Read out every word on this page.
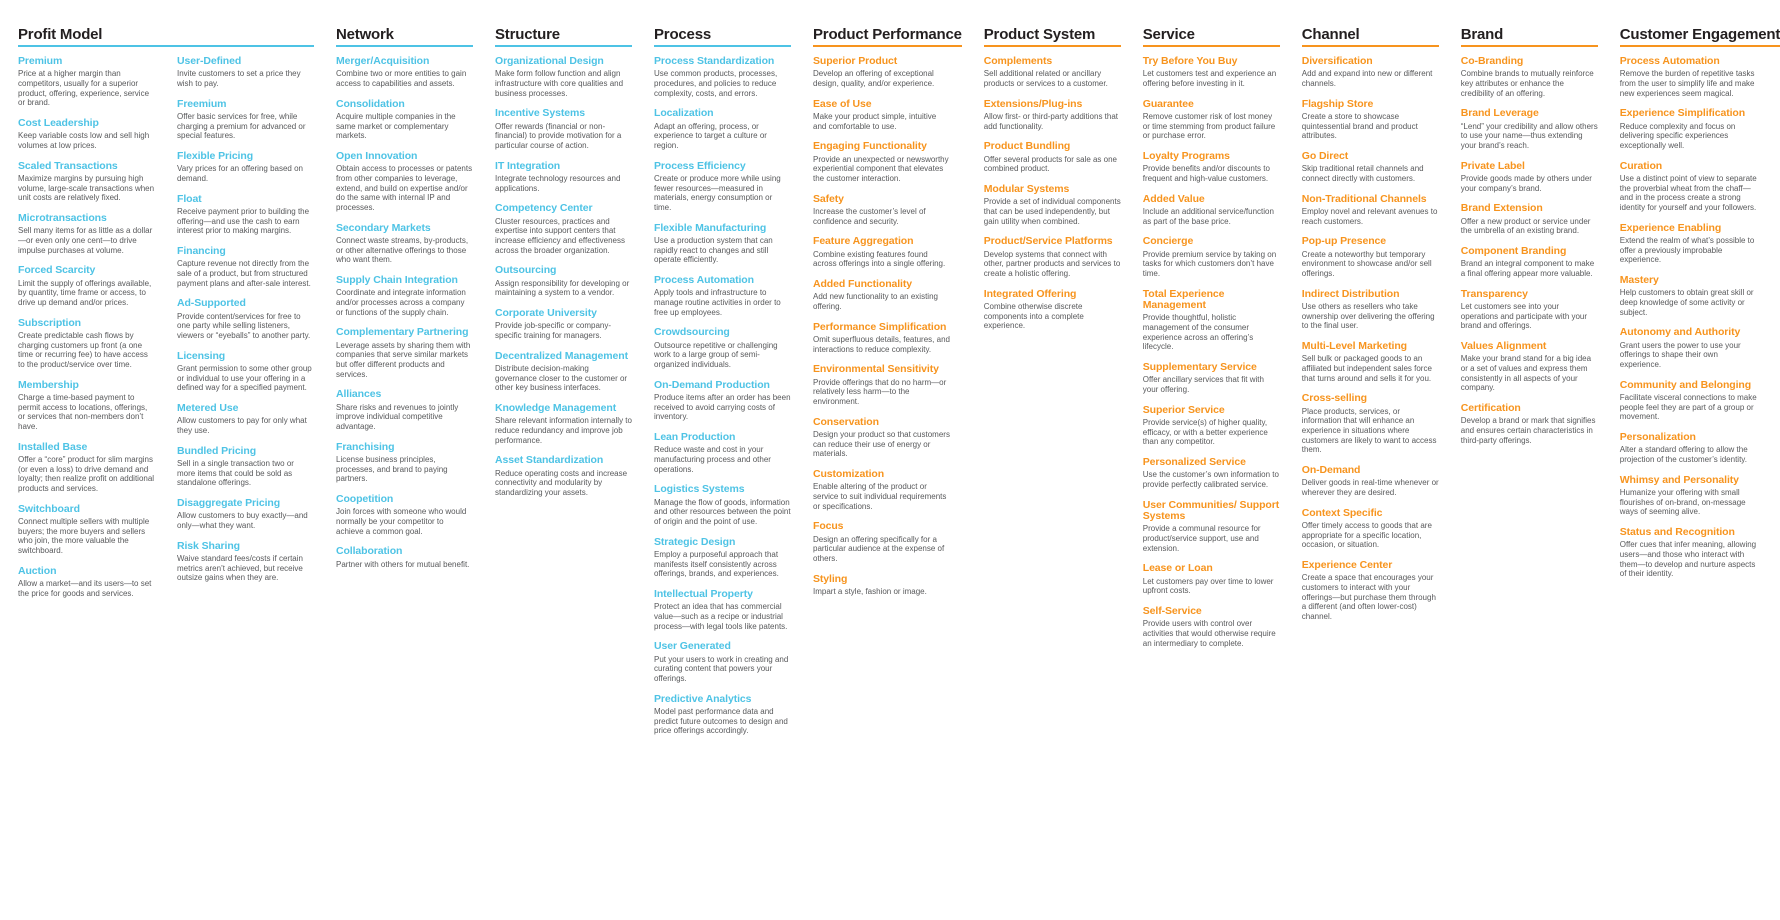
Profit Model
Premium
Price at a higher margin than competitors, usually for a superior product, offering, experience, service or brand.
Cost Leadership
Keep variable costs low and sell high volumes at low prices.
Scaled Transactions
Maximize margins by pursuing high volume, large-scale transactions when unit costs are relatively fixed.
Microtransactions
Sell many items for as little as a dollar—or even only one cent—to drive impulse purchases at volume.
Forced Scarcity
Limit the supply of offerings available, by quantity, time frame or access, to drive up demand and/or prices.
Subscription
Create predictable cash flows by charging customers up front (a one time or recurring fee) to have access to the product/service over time.
Membership
Charge a time-based payment to permit access to locations, offerings, or services that non-members don’t have.
Installed Base
Offer a “core” product for slim margins (or even a loss) to drive demand and loyalty; then realize profit on additional products and services.
Switchboard
Connect multiple sellers with multiple buyers; the more buyers and sellers who join, the more valuable the switchboard.
Auction
Allow a market—and its users—to set the price for goods and services.
User-Defined
Invite customers to set a price they wish to pay.
Freemium
Offer basic services for free, while charging a premium for advanced or special features.
Flexible Pricing
Vary prices for an offering based on demand.
Float
Receive payment prior to building the offering—and use the cash to earn interest prior to making margins.
Financing
Capture revenue not directly from the sale of a product, but from structured payment plans and after-sale interest.
Ad-Supported
Provide content/services for free to one party while selling listeners, viewers or “eyeballs” to another party.
Licensing
Grant permission to some other group or individual to use your offering in a defined way for a specified payment.
Metered Use
Allow customers to pay for only what they use.
Bundled Pricing
Sell in a single transaction two or more items that could be sold as standalone offerings.
Disaggregate Pricing
Allow customers to buy exactly—and only—what they want.
Risk Sharing
Waive standard fees/costs if certain metrics aren’t achieved, but receive outsize gains when they are.
Network
Merger/Acquisition
Combine two or more entities to gain access to capabilities and assets.
Consolidation
Acquire multiple companies in the same market or complementary markets.
Open Innovation
Obtain access to processes or patents from other companies to leverage, extend, and build on expertise and/or do the same with internal IP and processes.
Secondary Markets
Connect waste streams, by-products, or other alternative offerings to those who want them.
Supply Chain Integration
Coordinate and integrate information and/or processes across a company or functions of the supply chain.
Complementary Partnering
Leverage assets by sharing them with companies that serve similar markets but offer different products and services.
Alliances
Share risks and revenues to jointly improve individual competitive advantage.
Franchising
License business principles, processes, and brand to paying partners.
Coopetition
Join forces with someone who would normally be your competitor to achieve a common goal.
Collaboration
Partner with others for mutual benefit.
Structure
Organizational Design
Make form follow function and align infrastructure with core qualities and business processes.
Incentive Systems
Offer rewards (financial or non-financial) to provide motivation for a particular course of action.
IT Integration
Integrate technology resources and applications.
Competency Center
Cluster resources, practices and expertise into support centers that increase efficiency and effectiveness across the broader organization.
Outsourcing
Assign responsibility for developing or maintaining a system to a vendor.
Corporate University
Provide job-specific or company-specific training for managers.
Decentralized Management
Distribute decision-making governance closer to the customer or other key business interfaces.
Knowledge Management
Share relevant information internally to reduce redundancy and improve job performance.
Asset Standardization
Reduce operating costs and increase connectivity and modularity by standardizing your assets.
Process
Process Standardization
Use common products, processes, procedures, and policies to reduce complexity, costs, and errors.
Localization
Adapt an offering, process, or experience to target a culture or region.
Process Efficiency
Create or produce more while using fewer resources—measured in materials, energy consumption or time.
Flexible Manufacturing
Use a production system that can rapidly react to changes and still operate efficiently.
Process Automation
Apply tools and infrastructure to manage routine activities in order to free up employees.
Crowdsourcing
Outsource repetitive or challenging work to a large group of semi-organized individuals.
On-Demand Production
Produce items after an order has been received to avoid carrying costs of inventory.
Lean Production
Reduce waste and cost in your manufacturing process and other operations.
Logistics Systems
Manage the flow of goods, information and other resources between the point of origin and the point of use.
Strategic Design
Employ a purposeful approach that manifests itself consistently across offerings, brands, and experiences.
Intellectual Property
Protect an idea that has commercial value—such as a recipe or industrial process—with legal tools like patents.
User Generated
Put your users to work in creating and curating content that powers your offerings.
Predictive Analytics
Model past performance data and predict future outcomes to design and price offerings accordingly.
Product Performance
Superior Product
Develop an offering of exceptional design, quality, and/or experience.
Ease of Use
Make your product simple, intuitive and comfortable to use.
Engaging Functionality
Provide an unexpected or newsworthy experiential component that elevates the customer interaction.
Safety
Increase the customer’s level of confidence and security.
Feature Aggregation
Combine existing features found across offerings into a single offering.
Added Functionality
Add new functionality to an existing offering.
Performance Simplification
Omit superfluous details, features, and interactions to reduce complexity.
Environmental Sensitivity
Provide offerings that do no harm—or relatively less harm—to the environment.
Conservation
Design your product so that customers can reduce their use of energy or materials.
Customization
Enable altering of the product or service to suit individual requirements or specifications.
Focus
Design an offering specifically for a particular audience at the expense of others.
Styling
Impart a style, fashion or image.
Product System
Complements
Sell additional related or ancillary products or services to a customer.
Extensions/Plug-ins
Allow first- or third-party additions that add functionality.
Product Bundling
Offer several products for sale as one combined product.
Modular Systems
Provide a set of individual components that can be used independently, but gain utility when combined.
Product/Service Platforms
Develop systems that connect with other, partner products and services to create a holistic offering.
Integrated Offering
Combine otherwise discrete components into a complete experience.
Service
Try Before You Buy
Let customers test and experience an offering before investing in it.
Guarantee
Remove customer risk of lost money or time stemming from product failure or purchase error.
Loyalty Programs
Provide benefits and/or discounts to frequent and high-value customers.
Added Value
Include an additional service/function as part of the base price.
Concierge
Provide premium service by taking on tasks for which customers don’t have time.
Total Experience Management
Provide thoughtful, holistic management of the consumer experience across an offering’s lifecycle.
Supplementary Service
Offer ancillary services that fit with your offering.
Superior Service
Provide service(s) of higher quality, efficacy, or with a better experience than any competitor.
Personalized Service
Use the customer’s own information to provide perfectly calibrated service.
User Communities/ Support Systems
Provide a communal resource for product/service support, use and extension.
Lease or Loan
Let customers pay over time to lower upfront costs.
Self-Service
Provide users with control over activities that would otherwise require an intermediary to complete.
Channel
Diversification
Add and expand into new or different channels.
Flagship Store
Create a store to showcase quintessential brand and product attributes.
Go Direct
Skip traditional retail channels and connect directly with customers.
Non-Traditional Channels
Employ novel and relevant avenues to reach customers.
Pop-up Presence
Create a noteworthy but temporary environment to showcase and/or sell offerings.
Indirect Distribution
Use others as resellers who take ownership over delivering the offering to the final user.
Multi-Level Marketing
Sell bulk or packaged goods to an affiliated but independent sales force that turns around and sells it for you.
Cross-selling
Place products, services, or information that will enhance an experience in situations where customers are likely to want to access them.
On-Demand
Deliver goods in real-time whenever or wherever they are desired.
Context Specific
Offer timely access to goods that are appropriate for a specific location, occasion, or situation.
Experience Center
Create a space that encourages your customers to interact with your offerings—but purchase them through a different (and often lower-cost) channel.
Brand
Co-Branding
Combine brands to mutually reinforce key attributes or enhance the credibility of an offering.
Brand Leverage
“Lend” your credibility and allow others to use your name—thus extending your brand’s reach.
Private Label
Provide goods made by others under your company’s brand.
Brand Extension
Offer a new product or service under the umbrella of an existing brand.
Component Branding
Brand an integral component to make a final offering appear more valuable.
Transparency
Let customers see into your operations and participate with your brand and offerings.
Values Alignment
Make your brand stand for a big idea or a set of values and express them consistently in all aspects of your company.
Certification
Develop a brand or mark that signifies and ensures certain characteristics in third-party offerings.
Customer Engagement
Process Automation
Remove the burden of repetitive tasks from the user to simplify life and make new experiences seem magical.
Experience Simplification
Reduce complexity and focus on delivering specific experiences exceptionally well.
Curation
Use a distinct point of view to separate the proverbial wheat from the chaff—and in the process create a strong identity for yourself and your followers.
Experience Enabling
Extend the realm of what’s possible to offer a previously improbable experience.
Mastery
Help customers to obtain great skill or deep knowledge of some activity or subject.
Autonomy and Authority
Grant users the power to use your offerings to shape their own experience.
Community and Belonging
Facilitate visceral connections to make people feel they are part of a group or movement.
Personalization
Alter a standard offering to allow the projection of the customer’s identity.
Whimsy and Personality
Humanize your offering with small flourishes of on-brand, on-message ways of seeming alive.
Status and Recognition
Offer cues that infer meaning, allowing users—and those who interact with them—to develop and nurture aspects of their identity.
